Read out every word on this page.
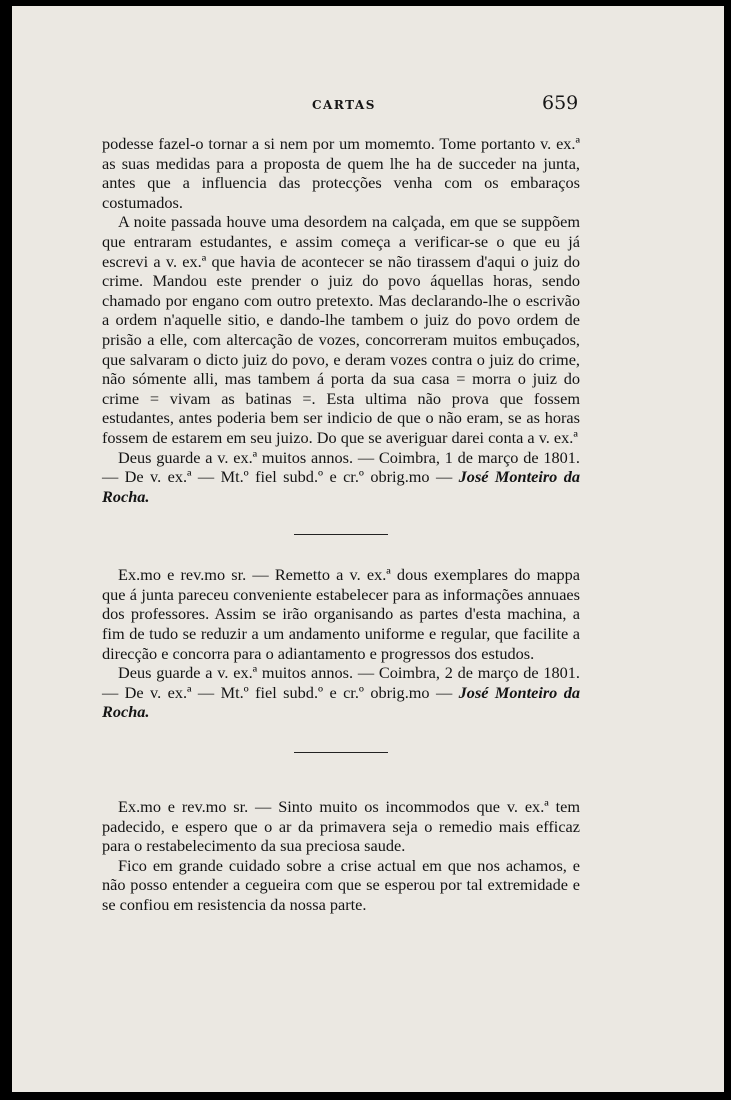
CARTAS	659

podesse fazel-o tornar a si nem por um momemto. Tome portanto v. ex.ª as suas medidas para a proposta de quem lhe ha de succeder na junta, antes que a influencia das protecções venha com os embaraços costumados.

A noite passada houve uma desordem na calçada, em que se suppõem que entraram estudantes, e assim começa a verificar-se o que eu já escrevi a v. ex.ª que havia de acontecer se não tirassem d'aqui o juiz do crime. Mandou este prender o juiz do povo áquellas horas, sendo chamado por engano com outro pretexto. Mas declarando-lhe o escrivão a ordem n'aquelle sitio, e dando-lhe tambem o juiz do povo ordem de prisão a elle, com altercação de vozes, concorreram muitos embuçados, que salvaram o dicto juiz do povo, e deram vozes contra o juiz do crime, não sómente alli, mas tambem á porta da sua casa = morra o juiz do crime = vivam as batinas =. Esta ultima não prova que fossem estudantes, antes poderia bem ser indicio de que o não eram, se as horas fossem de estarem em seu juizo. Do que se averiguar darei conta a v. ex.ª

Deus guarde a v. ex.ª muitos annos. — Coimbra, 1 de março de 1801. — De v. ex.ª — Mt.º fiel subd.º e cr.º obrig.mo — José Monteiro da Rocha.

Ex.mo e rev.mo sr. — Remetto a v. ex.ª dous exemplares do mappa que á junta pareceu conveniente estabelecer para as informações annuaes dos professores. Assim se irão organisando as partes d'esta machina, a fim de tudo se reduzir a um andamento uniforme e regular, que facilite a direcção e concorra para o adiantamento e progressos dos estudos.

Deus guarde a v. ex.ª muitos annos. — Coimbra, 2 de março de 1801. — De v. ex.ª — Mt.º fiel subd.º e cr.º obrig.mo — José Monteiro da Rocha.

Ex.mo e rev.mo sr. — Sinto muito os incommodos que v. ex.ª tem padecido, e espero que o ar da primavera seja o remedio mais efficaz para o restabelecimento da sua preciosa saude.

Fico em grande cuidado sobre a crise actual em que nos achamos, e não posso entender a cegueira com que se esperou por tal extremidade e se confiou em resistencia da nossa parte.
